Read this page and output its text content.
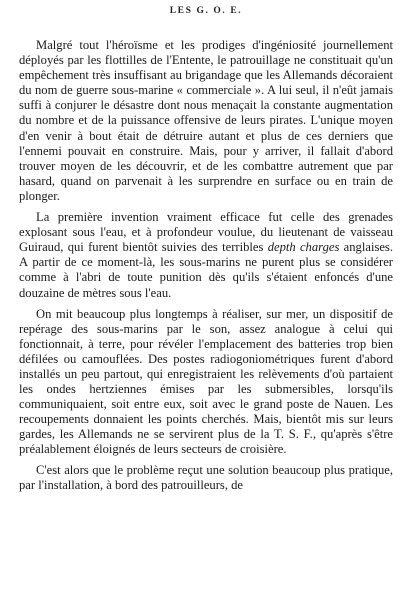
LES G. O. E.

Malgré tout l'héroïsme et les prodiges d'ingéniosité journellement déployés par les flottilles de l'Entente, le patrouillage ne constituait qu'un empêchement très insuffisant au brigandage que les Allemands décoraient du nom de guerre sous-marine « commerciale ». A lui seul, il n'eût jamais suffi à conjurer le désastre dont nous menaçait la constante augmentation du nombre et de la puissance offensive de leurs pirates. L'unique moyen d'en venir à bout était de détruire autant et plus de ces derniers que l'ennemi pouvait en construire. Mais, pour y arriver, il fallait d'abord trouver moyen de les découvrir, et de les combattre autrement que par hasard, quand on parvenait à les surprendre en surface ou en train de plonger.

La première invention vraiment efficace fut celle des grenades explosant sous l'eau, et à profondeur voulue, du lieutenant de vaisseau Guiraud, qui furent bientôt suivies des terribles depth charges anglaises. A partir de ce moment-là, les sous-marins ne purent plus se considérer comme à l'abri de toute punition dès qu'ils s'étaient enfoncés d'une douzaine de mètres sous l'eau.

On mit beaucoup plus longtemps à réaliser, sur mer, un dispositif de repérage des sous-marins par le son, assez analogue à celui qui fonctionnait, à terre, pour révéler l'emplacement des batteries trop bien défilées ou camouflées. Des postes radiogoniométriques furent d'abord installés un peu partout, qui enregistraient les relèvements d'où partaient les ondes hertziennes émises par les submersibles, lorsqu'ils communiquaient, soit entre eux, soit avec le grand poste de Nauen. Les recoupements donnaient les points cherchés. Mais, bientôt mis sur leurs gardes, les Allemands ne se servirent plus de la T. S. F., qu'après s'être préalablement éloignés de leurs secteurs de croisière.

C'est alors que le problème reçut une solution beaucoup plus pratique, par l'installation, à bord des patrouilleurs, de
